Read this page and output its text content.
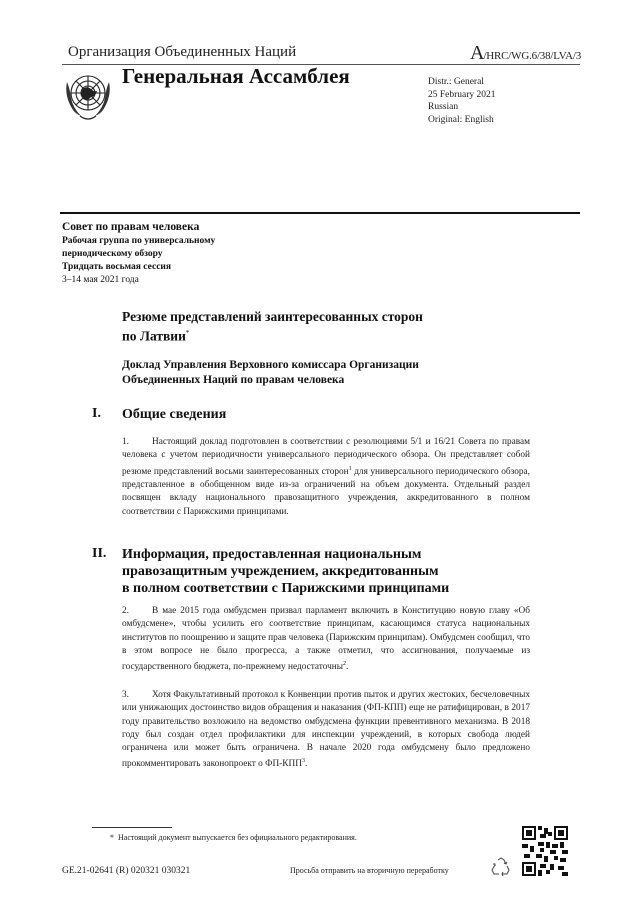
Организация Объединенных Наций	A/HRC/WG.6/38/LVA/3
Генеральная Ассамблея	Distr.: General
25 February 2021
Russian
Original: English
Совет по правам человека
Рабочая группа по универсальному
периодическому обзору
Тридцать восьмая сессия
3–14 мая 2021 года
Резюме представлений заинтересованных сторон
по Латвии*
Доклад Управления Верховного комиссара Организации
Объединенных Наций по правам человека
I. Общие сведения
1. Настоящий доклад подготовлен в соответствии с резолюциями 5/1 и 16/21 Совета по правам человека с учетом периодичности универсального периодического обзора. Он представляет собой резюме представлений восьми заинтересованных сторон$^1$ для универсального периодического обзора, представленное в обобщенном виде из-за ограничений на объем документа. Отдельный раздел посвящен вкладу национального правозащитного учреждения, аккредитованного в полном соответствии с Парижскими принципами.
II. Информация, предоставленная национальным
правозащитным учреждением, аккредитованным
в полном соответствии с Парижскими принципами
2. В мае 2015 года омбудсмен призвал парламент включить в Конституцию новую главу «Об омбудсмене», чтобы усилить его соответствие принципам, касающимся статуса национальных институтов по поощрению и защите прав человека (Парижским принципам). Омбудсмен сообщил, что в этом вопросе не было прогресса, а также отметил, что ассигнования, получаемые из государственного бюджета, по-прежнему недостаточны$^2$.
3. Хотя Факультативный протокол к Конвенции против пыток и других жестоких, бесчеловечных или унижающих достоинство видов обращения и наказания (ФП-КПП) еще не ратифицирован, в 2017 году правительство возложило на ведомство омбудсмена функции превентивного механизма. В 2018 году был создан отдел профилактики для инспекции учреждений, в которых свобода людей ограничена или может быть ограничена. В начале 2020 года омбудсмену было предложено прокомментировать законопроект о ФП-КПП$^3$.
* Настоящий документ выпускается без официального редактирования.
GE.21-02641 (R) 020321 030321	Просьба отправить на вторичную переработку
